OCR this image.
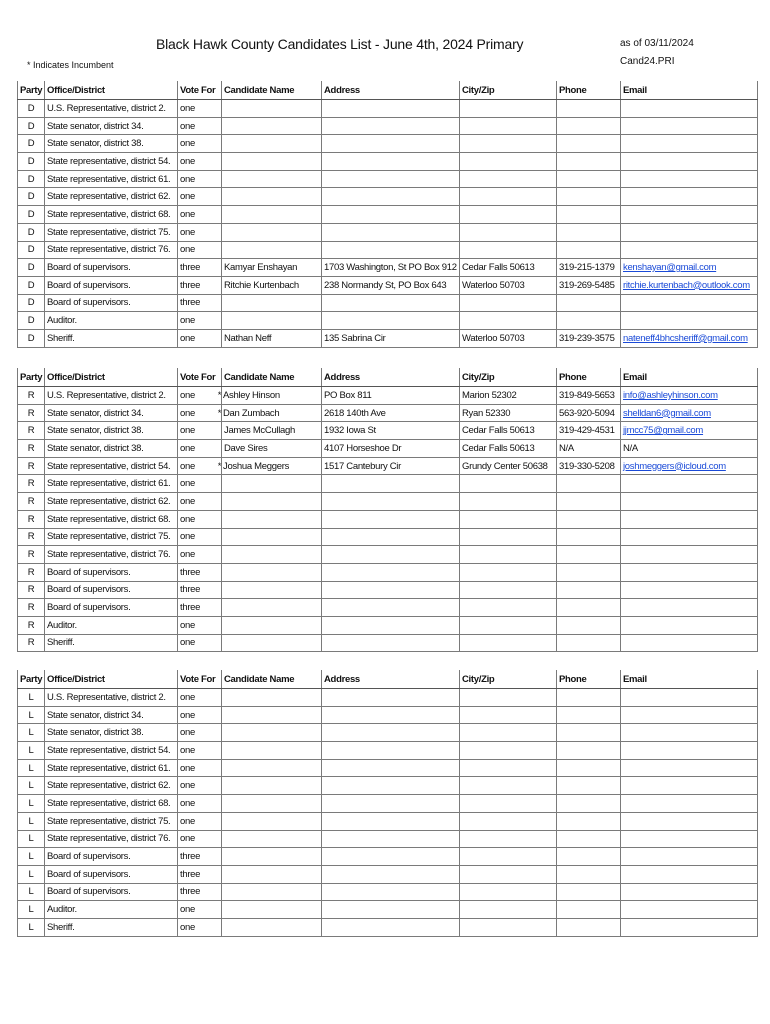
Black Hawk County Candidates List - June 4th, 2024 Primary	as of 03/11/2024
Cand24.PRI
* Indicates Incumbent
Party	Office/District	Vote For	Candidate Name	Address	City/Zip	Phone	Email
D	U.S. Representative, district 2.	one					
D	State senator, district 34.	one					
D	State senator, district 38.	one					
D	State representative, district 54.	one					
D	State representative, district 61.	one					
D	State representative, district 62.	one					
D	State representative, district 68.	one					
D	State representative, district 75.	one					
D	State representative, district 76.	one					
D	Board of supervisors.	three	Kamyar Enshayan	1703 Washington, St PO Box 912	Cedar Falls 50613	319-215-1379	kenshayan@gmail.com
D	Board of supervisors.	three	Ritchie Kurtenbach	238 Normandy St, PO Box 643	Waterloo 50703	319-269-5485	ritchie.kurtenbach@outlook.com
D	Board of supervisors.	three					
D	Auditor.	one					
D	Sheriff.	one	Nathan Neff	135 Sabrina Cir	Waterloo 50703	319-239-3575	nateneff4bhcsheriff@gmail.com
Party	Office/District	Vote For	Candidate Name	Address	City/Zip	Phone	Email
R	U.S. Representative, district 2.	one	* Ashley Hinson	PO Box 811	Marion 52302	319-849-5653	info@ashleyhinson.com
R	State senator, district 34.	one	* Dan Zumbach	2618 140th Ave	Ryan 52330	563-920-5094	shelldan6@gmail.com
R	State senator, district 38.	one	James McCullagh	1932 Iowa St	Cedar Falls 50613	319-429-4531	jjmcc75@gmail.com
R	State senator, district 38.	one	Dave Sires	4107 Horseshoe Dr	Cedar Falls 50613	N/A	N/A
R	State representative, district 54.	one	* Joshua Meggers	1517 Cantebury Cir	Grundy Center 50638	319-330-5208	joshmeggers@icloud.com
R	State representative, district 61.	one					
R	State representative, district 62.	one					
R	State representative, district 68.	one					
R	State representative, district 75.	one					
R	State representative, district 76.	one					
R	Board of supervisors.	three					
R	Board of supervisors.	three					
R	Board of supervisors.	three					
R	Auditor.	one					
R	Sheriff.	one					
Party	Office/District	Vote For	Candidate Name	Address	City/Zip	Phone	Email
L	U.S. Representative, district 2.	one					
L	State senator, district 34.	one					
L	State senator, district 38.	one					
L	State representative, district 54.	one					
L	State representative, district 61.	one					
L	State representative, district 62.	one					
L	State representative, district 68.	one					
L	State representative, district 75.	one					
L	State representative, district 76.	one					
L	Board of supervisors.	three					
L	Board of supervisors.	three					
L	Board of supervisors.	three					
L	Auditor.	one					
L	Sheriff.	one					
